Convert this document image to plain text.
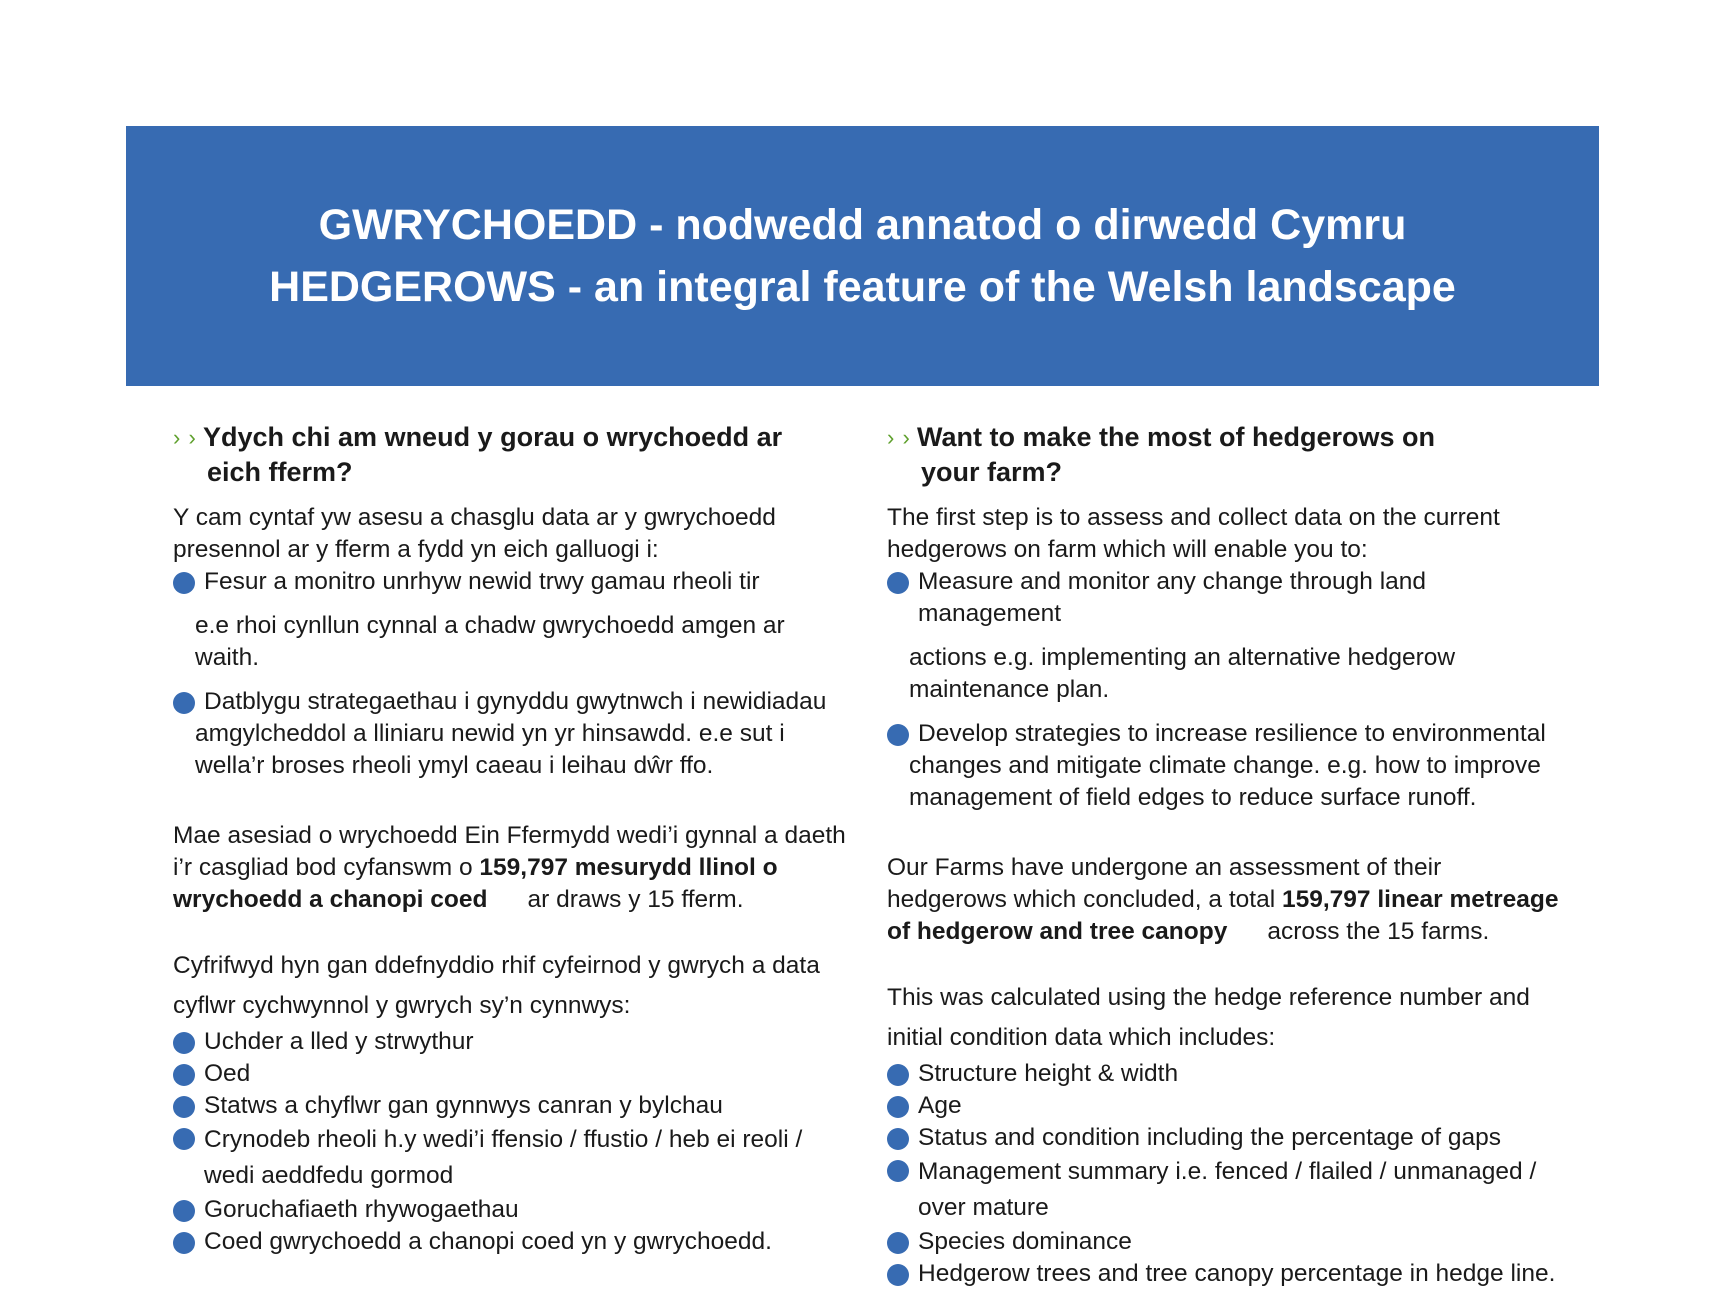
GWRYCHOEDD - nodwedd annatod o dirwedd Cymru
HEDGEROWS - an integral feature of the Welsh landscape
› › Ydych chi am wneud y gorau o wrychoedd ar
eich fferm?

Y cam cyntaf yw asesu a chasglu data ar y gwrychoedd presennol ar y fferm a fydd yn eich galluogi i:

Fesur a monitro unrhyw newid trwy gamau rheoli tir
e.e rhoi cynllun cynnal a chadw gwrychoedd amgen ar waith.
Datblygu strategaethau i gynyddu gwytnwch i newidiadau
amgylcheddol a lliniaru newid yn yr hinsawdd. e.e sut i wella’r broses rheoli ymyl caeau i leihau dŵr ffo.

Mae asesiad o wrychoedd Ein Ffermydd wedi’i gynnal a daeth i’r casgliad bod cyfanswm o 159,797 mesurydd llinol o wrychoedd a chanopi coed ar draws y 15 fferm.

Cyfrifwyd hyn gan ddefnyddio rhif cyfeirnod y gwrych a data cyflwr cychwynnol y gwrych sy’n cynnwys:

Uchder a lled y strwythur
Oed
Statws a chyflwr gan gynnwys canran y bylchau
Crynodeb rheoli h.y wedi’i ffensio / ffustio / heb ei reoli / wedi aeddfedu gormod
Goruchafiaeth rhywogaethau
Coed gwrychoedd a chanopi coed yn y gwrychoedd.
› › Want to make the most of hedgerows on
your farm?

The first step is to assess and collect data on the current hedgerows on farm which will enable you to:

Measure and monitor any change through land management
actions e.g. implementing an alternative hedgerow maintenance plan.
Develop strategies to increase resilience to environmental
changes and mitigate climate change. e.g. how to improve management of field edges to reduce surface runoff.

Our Farms have undergone an assessment of their hedgerows which concluded, a total 159,797 linear metreage of hedgerow and tree canopy across the 15 farms.

This was calculated using the hedge reference number and initial condition data which includes:

Structure height & width
Age
Status and condition including the percentage of gaps
Management summary i.e. fenced / flailed / unmanaged / over mature
Species dominance
Hedgerow trees and tree canopy percentage in hedge line.
